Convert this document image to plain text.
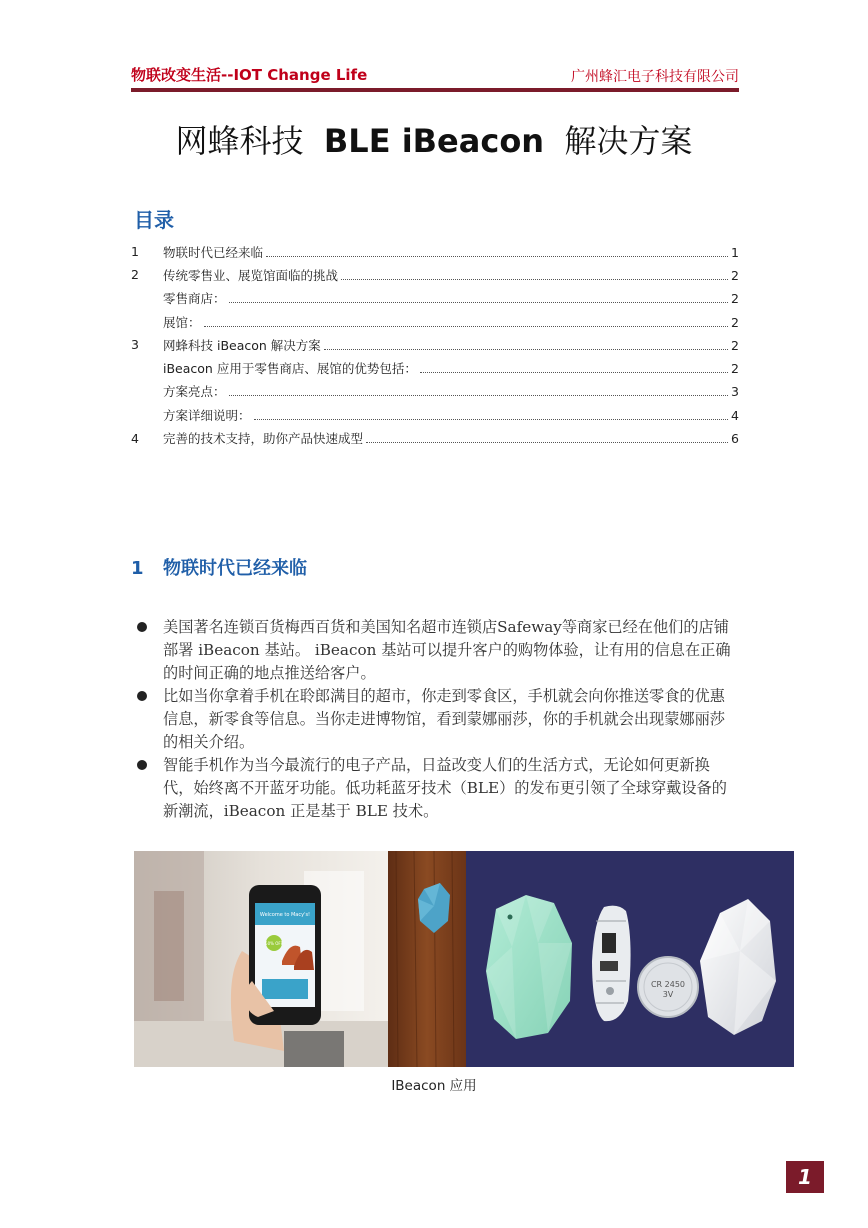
物联改变生活--IOT Change Life	广州蜂汇电子科技有限公司
网蜂科技 BLE iBeacon 解决方案
目录
1	物联时代已经来临	1
2	传统零售业、展览馆面临的挑战	2
零售商店：	2
展馆：	2
3	网蜂科技 iBeacon 解决方案	2
iBeacon 应用于零售商店、展馆的优势包括：	2
方案亮点：	3
方案详细说明：	4
4	完善的技术支持，助你产品快速成型	6
1 物联时代已经来临
美国著名连锁百货梅西百货和美国知名超市连锁店Safeway等商家已经在他们的店铺部署 iBeacon 基站。 iBeacon 基站可以提升客户的购物体验，让有用的信息在正确的时间正确的地点推送给客户。
比如当你拿着手机在聆郎满目的超市，你走到零食区，手机就会向你推送零食的优惠信息，新零食等信息。当你走进博物馆，看到蒙娜丽莎，你的手机就会出现蒙娜丽莎的相关介绍。
智能手机作为当今最流行的电子产品，日益改变人们的生活方式，无论如何更新换代，始终离不开蓝牙功能。低功耗蓝牙技术（BLE）的发布更引领了全球穿戴设备的新潮流，iBeacon 正是基于 BLE 技术。
Welcome to Macy's!
50% OFF
CR 2450
3V
IBeacon 应用
1
